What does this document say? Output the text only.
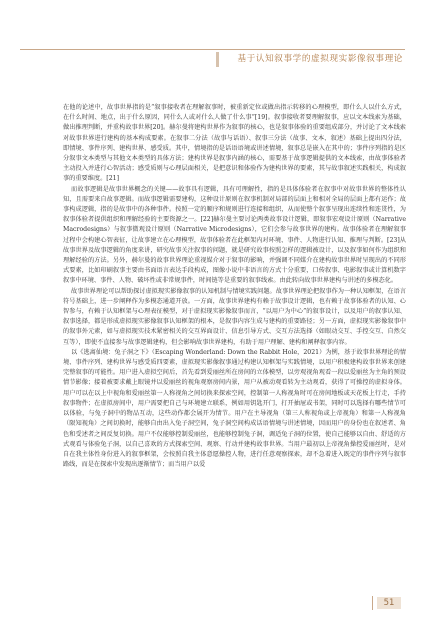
基于认知叙事学的虚拟现实影像叙事理论

在他的论述中，故事世界指的是“叙事接收者在理解叙事时，被重新定位或做出指示转移的心理模型，即什么人以什么方式，在什么时间、地点，出于什么原因，同什么人或对什么人做了什么事”[19]。叙事接收者要理解叙事，应以文本线索为基础，做出推理判断，并重构故事世界[20]。赫尔曼将建构世界作为叙事的核心，也是叙事体验的重要组成部分，并讨论了文本线索对故事世界进行建构的基本构成要素。在叙事二分法（故事与话语）、叙事三分法（故事、文本、叙述）基础上提出四分法，即情境、事件序列、建构世界、感受质。其中，情境指的是话语语境或讲述情境，叙事总是嵌入在其中的；事件序列指的是区分叙事文本类型与其他文本类型的具体方法；建构世界是叙事内涵的核心，需要基于故事逻辑提供的文本线索，由故事体验者主动投入并进行心智活动；感受质则与心理层面相关，是把意识和体验作为建构世界的要素，其与故事叙述实践相关，构成叙事的重要维度。[21]

而故事逻辑是故事世界概念的关键——故事具有逻辑，具有可理解性，指的是具体体验者在叙事中对故事世界的整体性认知，且需要来自故事逻辑。而故事逻辑需要建构，这种设计原则在叙事机制对局部的层面上和相对全局的层面上都有运作；故事构成逻辑，指的是故事中的各种事件。按照一定的顺序和规则进行连接和组织，从而使整个叙事呈现出连续性和连贯性，为叙事体验者提供组织和理解经验的主要资源之一。[22]赫尔曼主要讨论两类故事设计逻辑，即叙事宏观设计原则（Narrative Macrodesigns）与叙事微观设计原则（Narrative Microdesigns），它们会参与故事世界的建构。故事体验者在理解叙事过程中会构建心智表征，让故事建立在心理模型，故事体验者在此框架内对环境、事件、人物进行认知、推理与判断。[23]从故事世界及故事逻辑的角度来讲，研究故事关注叙事的问题，就是研究故事按照怎样的逻辑被设计，以及叙事如何作为组织和理解经验的方法。另外，赫尔曼的故事世界理论重视媒介对于叙事的影响，并强调不同媒介在建构故事世界时呈现出的不同形式要素，比如印刷叙事主要由书面语言表达手段构成，图像小说中非语言的方式十分重要，口传叙事、电影叙事或计算机数字叙事中环境、事件、人物、破坏性或非常规事件，时间链等是重要的叙事线索。由此转向故事世界建构与讲述的多模态化。

故事世界理论可以帮助探讨虚拟现实影像叙事的认知机制与情境实践问题。故事世界理论把叙事作为一种认知框架，在语言符号基础上，进一步阐释作为多模态通道开放。一方面，故事世界建构有赖于故事设计逻辑，也有赖于故事体验者的认知、心智参与，有赖于认知框架与心理表征模型，对于虚拟现实影像叙事而言，“以用户为中心”的叙事设计，以及用户的叙事认知、叙事选择，都是形成虚拟现实影像叙事认知框架的根本，是叙事内容生成与建构的重要路径；另一方面，虚拟现实影像叙事中的叙事外元素，如与虚拟现实技术紧密相关的交互界面设计、信息引导方式、交互方法选择（如眼动交互、手控交互、自然交互等），即使不直接参与故事逻辑建构，但会影响故事世界建构，有助于用户理解、建构和阐释叙事内容。

以《逃离仙境：兔子洞之下》（Escaping Wonderland: Down the Rabbit Hole，2021）为例，基于故事世界理论的情境、事件序列、建构世界与感受质四要素，虚拟现实影像叙事通过构建认知框架与实践情境，以用户积极建构故事世界来创建完整叙事的可能性。用户进入虚拟空间后，首先看到爱丽丝所在房间的立体模型，以旁观视角观看一段以爱丽丝为主角的预设情节影像；接着被要求戴上眼镜并以爱丽丝的视角观察房间内景，用户从被动观看转为主动观看，获得了可操控的虚拟身体。用户可以在以上中视角和爱丽丝第一人称视角之间切换来探索空间，控制第一人称视角时可在房间地板或天花板上行走，手持叙事物件；在虚拟房间中，用户需要把自己与环境建立联系，例如用钥匙开门，打开抽屉或书架，同时可以选择有哪些情节可以体验，与兔子洞中的物品互动，这些动作都会展开为情节。用户在主导视角（第三人称视角或上帝视角）和第一人称视角（限知视角）之间切换时，能够自由出入兔子洞空间，兔子洞空间构成话语情境与讲述情境，因而用户的身份也在叙述者、角色和受述者之间反复切换。用户不仅能够控制爱丽丝，也能够控制兔子洞，调适兔子洞的位置，使自己能够以自由、舒适的方式观看与体验兔子洞，以自己喜欢的方式探索空间、观察、行动并建构故事世界。当用户最初以上帝视角操控爱丽丝时，是对自在我主体性身份进入的叙事框架，会按照自我主体意愿操控人物，进行任意观察探索，却不急着进入既定的事件序列与叙事路线，而是在探索中发现出逐渐情节；而当用户以爱

51
